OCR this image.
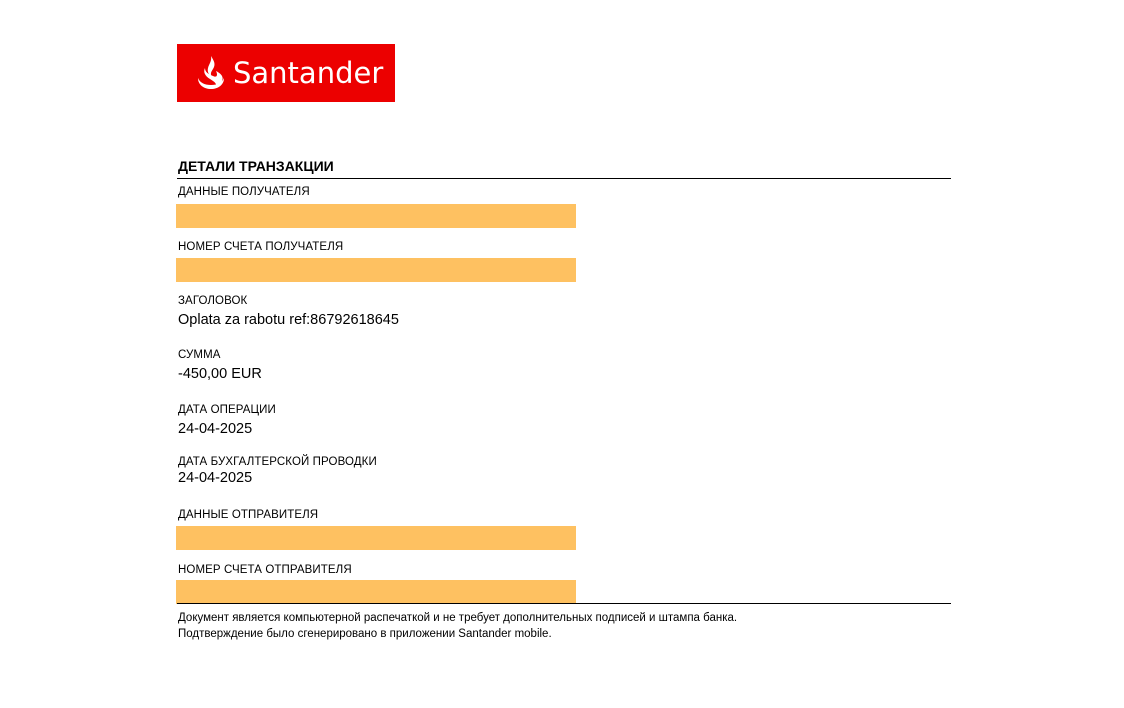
Santander
ДЕТАЛИ ТРАНЗАКЦИИ
ДАННЫЕ ПОЛУЧАТЕЛЯ
НОМЕР СЧЕТА ПОЛУЧАТЕЛЯ
ЗАГОЛОВОК
Oplata za rabotu ref:86792618645
СУММА
-450,00 EUR
ДАТА ОПЕРАЦИИ
24-04-2025
ДАТА БУХГАЛТЕРСКОЙ ПРОВОДКИ
24-04-2025
ДАННЫЕ ОТПРАВИТЕЛЯ
НОМЕР СЧЕТА ОТПРАВИТЕЛЯ
Документ является компьютерной распечаткой и не требует дополнительных подписей и штампа банка.
Подтверждение было сгенерировано в приложении Santander mobile.
